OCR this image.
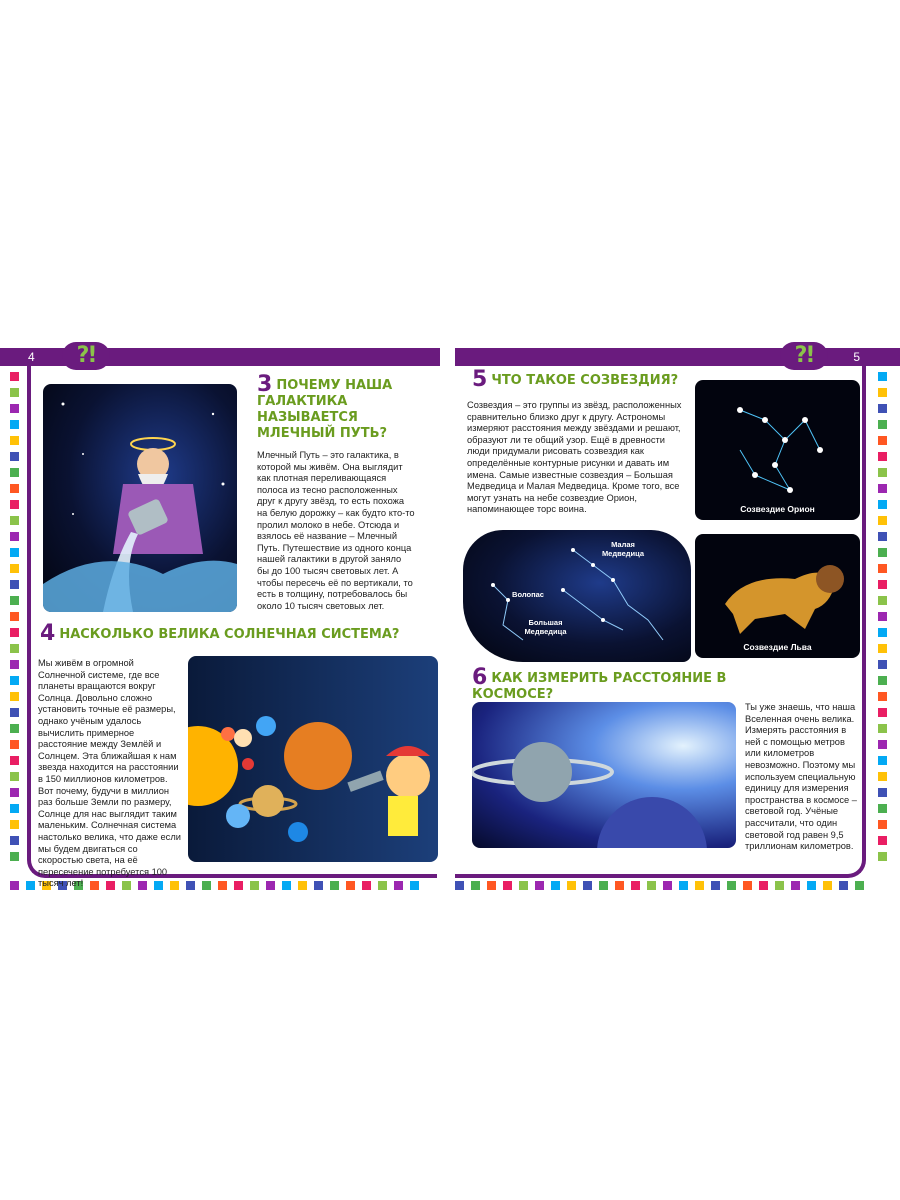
4	?!
3 ПОЧЕМУ НАША ГАЛАКТИКА НАЗЫВАЕТСЯ МЛЕЧНЫЙ ПУТЬ?
Млечный Путь – это галактика, в которой мы живём. Она выглядит как плотная переливающаяся полоса из тесно расположенных друг к другу звёзд, то есть похожа на белую дорожку – как будто кто-то пролил молоко в небе. Отсюда и взялось её название – Млечный Путь. Путешествие из одного конца нашей галактики в другой заняло бы до 100 тысяч световых лет. А чтобы пересечь её по вертикали, то есть в толщину, потребовалось бы около 10 тысяч световых лет.
4 НАСКОЛЬКО ВЕЛИКА СОЛНЕЧНАЯ СИСТЕМА?
Мы живём в огромной Солнечной системе, где все планеты вращаются вокруг Солнца. Довольно сложно установить точные её размеры, однако учёным удалось вычислить примерное расстояние между Землёй и Солнцем. Эта ближайшая к нам звезда находится на расстоянии в 150 миллионов километров. Вот почему, будучи в миллион раз больше Земли по размеру, Солнце для нас выглядит таким маленьким. Солнечная система настолько велика, что даже если мы будем двигаться со скоростью света, на её пересечение потребуется 100 тысяч лет!
5
?!
5 ЧТО ТАКОЕ СОЗВЕЗДИЯ?
Созвездия – это группы из звёзд, расположенных сравнительно близко друг к другу. Астрономы измеряют расстояния между звёздами и решают, образуют ли те общий узор. Ещё в древности люди придумали рисовать созвездия как определённые контурные рисунки и давать им имена. Самые известные созвездия – Большая Медведица и Малая Медведица. Кроме того, все могут узнать на небе созвездие Орион, напоминающее торс воина.	Созвездие Орион
Малая Медведица
Волопас
Большая Медведица
Созвездие Льва
6 КАК ИЗМЕРИТЬ РАССТОЯНИЕ В КОСМОСЕ?
Ты уже знаешь, что наша Вселенная очень велика. Измерять расстояния в ней с помощью метров или километров невозможно. Поэтому мы используем специальную единицу для измерения пространства в космосе – световой год. Учёные рассчитали, что один световой год равен 9,5 триллионам километров.
